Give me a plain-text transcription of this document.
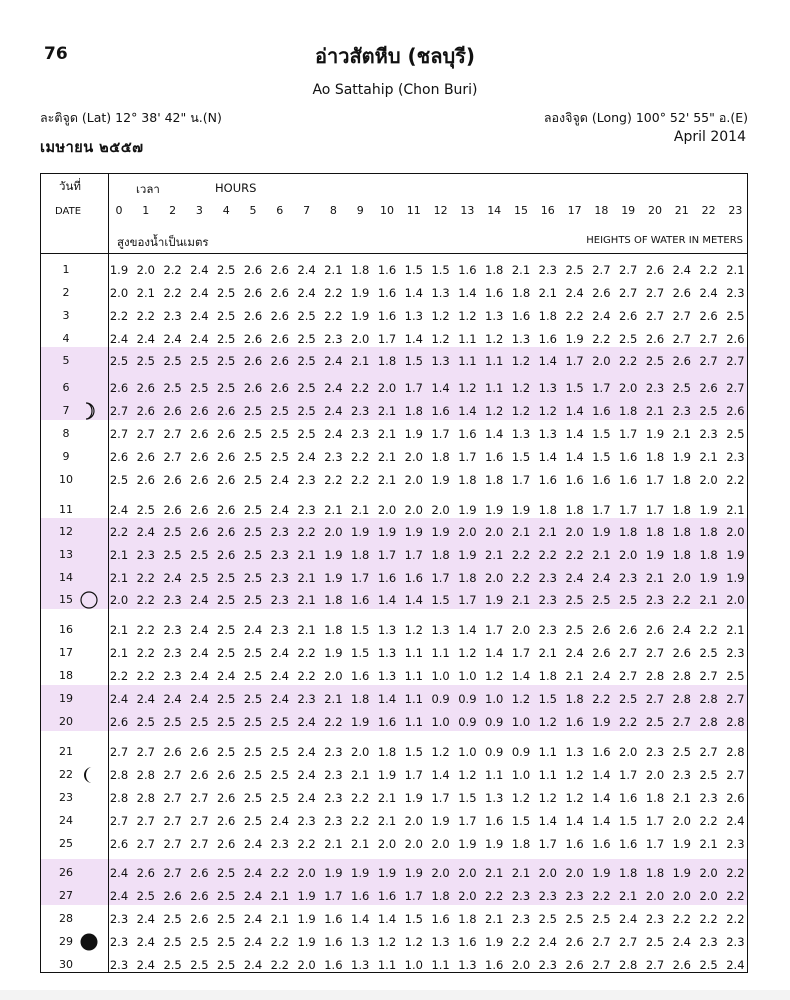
76	อ่าวสัตหีบ (ชลบุรี)
Ao Sattahip (Chon Buri)
ละติจูด (Lat) 12° 38' 42" น.(N)	ลองจิจูด (Long) 100° 52' 55" อ.(E)
เมษายน ๒๕๕๗
April 2014
วันที่
DATE
เวลา	HOURS
สูงของน้ำเป็นเมตร	HEIGHTS OF WATER IN METERS
0	1	2	3	4	5	6	7	8	9	10	11	12	13	14	15	16	17	18	19	20	21	22	23
1	1.9 2.0 2.2 2.4 2.5 2.6 2.6 2.4 2.1 1.8 1.6 1.5 1.5 1.6 1.8 2.1 2.3 2.5 2.7 2.7 2.6 2.4 2.2 2.1
2	2.0 2.1 2.2 2.4 2.5 2.6 2.6 2.4 2.2 1.9 1.6 1.4 1.3 1.4 1.6 1.8 2.1 2.4 2.6 2.7 2.7 2.6 2.4 2.3
3	2.2 2.2 2.3 2.4 2.5 2.6 2.6 2.5 2.2 1.9 1.6 1.3 1.2 1.2 1.3 1.6 1.8 2.2 2.4 2.6 2.7 2.7 2.6 2.5
4	2.4 2.4 2.4 2.4 2.5 2.6 2.6 2.5 2.3 2.0 1.7 1.4 1.2 1.1 1.2 1.3 1.6 1.9 2.2 2.5 2.6 2.7 2.7 2.6
5	2.5 2.5 2.5 2.5 2.5 2.6 2.6 2.5 2.4 2.1 1.8 1.5 1.3 1.1 1.1 1.2 1.4 1.7 2.0 2.2 2.5 2.6 2.7 2.7
6	2.6 2.6 2.5 2.5 2.5 2.6 2.6 2.5 2.4 2.2 2.0 1.7 1.4 1.2 1.1 1.2 1.3 1.5 1.7 2.0 2.3 2.5 2.6 2.7
7	2.7 2.6 2.6 2.6 2.6 2.5 2.5 2.5 2.4 2.3 2.1 1.8 1.6 1.4 1.2 1.2 1.2 1.4 1.6 1.8 2.1 2.3 2.5 2.6
8	2.7 2.7 2.7 2.6 2.6 2.5 2.5 2.5 2.4 2.3 2.1 1.9 1.7 1.6 1.4 1.3 1.3 1.4 1.5 1.7 1.9 2.1 2.3 2.5
9	2.6 2.6 2.7 2.6 2.6 2.5 2.5 2.4 2.3 2.2 2.1 2.0 1.8 1.7 1.6 1.5 1.4 1.4 1.5 1.6 1.8 1.9 2.1 2.3
10	2.5 2.6 2.6 2.6 2.6 2.5 2.4 2.3 2.2 2.2 2.1 2.0 1.9 1.8 1.8 1.7 1.6 1.6 1.6 1.6 1.7 1.8 2.0 2.2
11	2.4 2.5 2.6 2.6 2.6 2.5 2.4 2.3 2.1 2.1 2.0 2.0 2.0 1.9 1.9 1.9 1.8 1.8 1.7 1.7 1.7 1.8 1.9 2.1
12	2.2 2.4 2.5 2.6 2.6 2.5 2.3 2.2 2.0 1.9 1.9 1.9 1.9 2.0 2.0 2.1 2.1 2.0 1.9 1.8 1.8 1.8 1.8 2.0
13	2.1 2.3 2.5 2.5 2.6 2.5 2.3 2.1 1.9 1.8 1.7 1.7 1.8 1.9 2.1 2.2 2.2 2.2 2.1 2.0 1.9 1.8 1.8 1.9
14	2.1 2.2 2.4 2.5 2.5 2.5 2.3 2.1 1.9 1.7 1.6 1.6 1.7 1.8 2.0 2.2 2.3 2.4 2.4 2.3 2.1 2.0 1.9 1.9
15	2.0 2.2 2.3 2.4 2.5 2.5 2.3 2.1 1.8 1.6 1.4 1.4 1.5 1.7 1.9 2.1 2.3 2.5 2.5 2.5 2.3 2.2 2.1 2.0
16	2.1 2.2 2.3 2.4 2.5 2.4 2.3 2.1 1.8 1.5 1.3 1.2 1.3 1.4 1.7 2.0 2.3 2.5 2.6 2.6 2.6 2.4 2.2 2.1
17	2.1 2.2 2.3 2.4 2.5 2.5 2.4 2.2 1.9 1.5 1.3 1.1 1.1 1.2 1.4 1.7 2.1 2.4 2.6 2.7 2.7 2.6 2.5 2.3
18	2.2 2.2 2.3 2.4 2.4 2.5 2.4 2.2 2.0 1.6 1.3 1.1 1.0 1.0 1.2 1.4 1.8 2.1 2.4 2.7 2.8 2.8 2.7 2.5
19	2.4 2.4 2.4 2.4 2.5 2.5 2.4 2.3 2.1 1.8 1.4 1.1 0.9 0.9 1.0 1.2 1.5 1.8 2.2 2.5 2.7 2.8 2.8 2.7
20	2.6 2.5 2.5 2.5 2.5 2.5 2.5 2.4 2.2 1.9 1.6 1.1 1.0 0.9 0.9 1.0 1.2 1.6 1.9 2.2 2.5 2.7 2.8 2.8
21	2.7 2.7 2.6 2.6 2.5 2.5 2.5 2.4 2.3 2.0 1.8 1.5 1.2 1.0 0.9 0.9 1.1 1.3 1.6 2.0 2.3 2.5 2.7 2.8
22	2.8 2.8 2.7 2.6 2.6 2.5 2.5 2.4 2.3 2.1 1.9 1.7 1.4 1.2 1.1 1.0 1.1 1.2 1.4 1.7 2.0 2.3 2.5 2.7
23	2.8 2.8 2.7 2.7 2.6 2.5 2.5 2.4 2.3 2.2 2.1 1.9 1.7 1.5 1.3 1.2 1.2 1.2 1.4 1.6 1.8 2.1 2.3 2.6
24	2.7 2.7 2.7 2.7 2.6 2.5 2.4 2.3 2.3 2.2 2.1 2.0 1.9 1.7 1.6 1.5 1.4 1.4 1.4 1.5 1.7 2.0 2.2 2.4
25	2.6 2.7 2.7 2.7 2.6 2.4 2.3 2.2 2.1 2.1 2.0 2.0 2.0 1.9 1.9 1.8 1.7 1.6 1.6 1.6 1.7 1.9 2.1 2.3
26	2.4 2.6 2.7 2.6 2.5 2.4 2.2 2.0 1.9 1.9 1.9 1.9 2.0 2.0 2.1 2.1 2.0 2.0 1.9 1.8 1.8 1.9 2.0 2.2
27	2.4 2.5 2.6 2.6 2.5 2.4 2.1 1.9 1.7 1.6 1.6 1.7 1.8 2.0 2.2 2.3 2.3 2.3 2.2 2.1 2.0 2.0 2.0 2.2
28	2.3 2.4 2.5 2.6 2.5 2.4 2.1 1.9 1.6 1.4 1.4 1.5 1.6 1.8 2.1 2.3 2.5 2.5 2.5 2.4 2.3 2.2 2.2 2.2
29	2.3 2.4 2.5 2.5 2.5 2.4 2.2 1.9 1.6 1.3 1.2 1.2 1.3 1.6 1.9 2.2 2.4 2.6 2.7 2.7 2.5 2.4 2.3 2.3
30	2.3 2.4 2.5 2.5 2.5 2.4 2.2 2.0 1.6 1.3 1.1 1.0 1.1 1.3 1.6 2.0 2.3 2.6 2.7 2.8 2.7 2.6 2.5 2.4
